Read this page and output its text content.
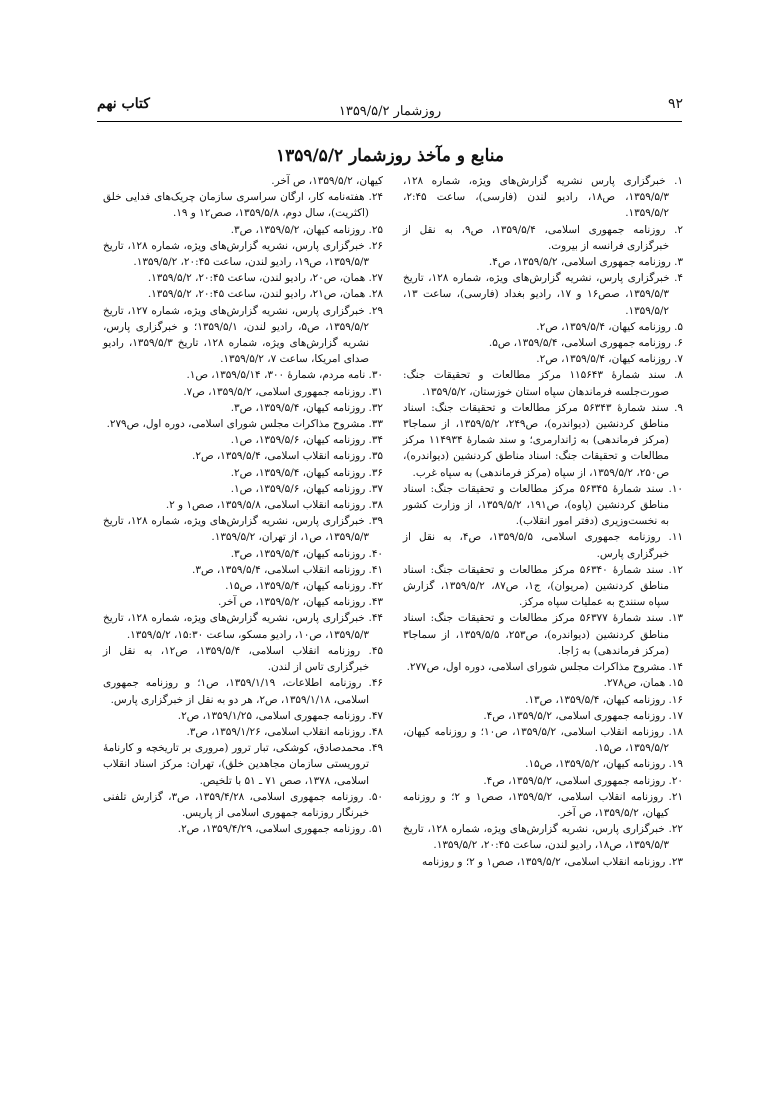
۹۲
روزشمار ۱۳۵۹/۵/۲
کتاب نهم
منابع و مآخذ روزشمار ۱۳۵۹/۵/۲

۱. خبرگزاری پارس نشریه گزارش‌های ویژه، شماره ۱۲۸، ۱۳۵۹/۵/۳، ص۱۸، رادیو لندن (فارسی)، ساعت ۲:۴۵، ۱۳۵۹/۵/۲.

۲. روزنامه جمهوری اسلامی، ۱۳۵۹/۵/۴، ص۹، به نقل از خبرگزاری فرانسه از بیروت.

۳. روزنامه جمهوری اسلامی، ۱۳۵۹/۵/۲، ص۴.

۴. خبرگزاری پارس، نشریه گزارش‌های ویژه، شماره ۱۲۸، تاریخ ۱۳۵۹/۵/۳، صص۱۶ و ۱۷، رادیو بغداد (فارسی)، ساعت ۱۳، ۱۳۵۹/۵/۲.

۵. روزنامه کیهان، ۱۳۵۹/۵/۴، ص۲.

۶. روزنامه جمهوری اسلامی، ۱۳۵۹/۵/۴، ص۵.

۷. روزنامه کیهان، ۱۳۵۹/۵/۴، ص۲.

۸. سند شمارهٔ ۱۱۵۶۴۳ مرکز مطالعات و تحقیقات جنگ: صورت‌جلسه فرماندهان سپاه استان خوزستان، ۱۳۵۹/۵/۲.

۹. سند شمارهٔ ۵۶۳۴۳ مرکز مطالعات و تحقیقات جنگ: اسناد مناطق کردنشین (دیواندره)، ص۲۴۹، ۱۳۵۹/۵/۲، از سماجا۳ (مرکز فرماندهی) به ژاندارمری؛ و سند شمارهٔ ۱۱۴۹۳۴ مرکز مطالعات و تحقیقات جنگ: اسناد مناطق کردنشین (دیواندره)، ص۲۵۰، ۱۳۵۹/۵/۲، از سپاه (مرکز فرماندهی) به سپاه غرب.

۱۰. سند شمارهٔ ۵۶۳۴۵ مرکز مطالعات و تحقیقات جنگ: اسناد مناطق کردنشین (پاوه)، ص۱۹۱، ۱۳۵۹/۵/۲، از وزارت کشور به نخست‌وزیری (دفتر امور انقلاب).

۱۱. روزنامه جمهوری اسلامی، ۱۳۵۹/۵/۵، ص۴، به نقل از خبرگزاری پارس.

۱۲. سند شمارهٔ ۵۶۳۴۰ مرکز مطالعات و تحقیقات جنگ: اسناد مناطق کردنشین (مریوان)، ج۱، ص۸۷، ۱۳۵۹/۵/۲، گزارش سپاه سنندج به عملیات سپاه مرکز.

۱۳. سند شمارهٔ ۵۶۳۷۷ مرکز مطالعات و تحقیقات جنگ: اسناد مناطق کردنشین (دیواندره)، ص۲۵۳، ۱۳۵۹/۵/۵، از سماجا۳ (مرکز فرماندهی) به ژاجا.

۱۴. مشروح مذاکرات مجلس شورای اسلامی، دوره اول، ص۲۷۷.

۱۵. همان، ص۲۷۸.

۱۶. روزنامه کیهان، ۱۳۵۹/۵/۴، ص۱۳.

۱۷. روزنامه جمهوری اسلامی، ۱۳۵۹/۵/۲، ص۴.

۱۸. روزنامه انقلاب اسلامی، ۱۳۵۹/۵/۲، ص۱۰؛ و روزنامه کیهان، ۱۳۵۹/۵/۲، ص۱۵.

۱۹. روزنامه کیهان، ۱۳۵۹/۵/۲، ص۱۵.

۲۰. روزنامه جمهوری اسلامی، ۱۳۵۹/۵/۲، ص۴.

۲۱. روزنامه انقلاب اسلامی، ۱۳۵۹/۵/۲، صص۱ و ۲؛ و روزنامه کیهان، ۱۳۵۹/۵/۲، ص آخر.

۲۲. خبرگزاری پارس، نشریه گزارش‌های ویژه، شماره ۱۲۸، تاریخ ۱۳۵۹/۵/۳، ص۱۸، رادیو لندن، ساعت ۲۰:۴۵، ۱۳۵۹/۵/۲.

۲۳. روزنامه انقلاب اسلامی، ۱۳۵۹/۵/۲، صص۱ و ۲؛ و روزنامه

کیهان، ۱۳۵۹/۵/۲، ص آخر.

۲۴. هفته‌نامه کار، ارگان سراسری سازمان چریک‌های فدایی خلق (اکثریت)، سال دوم، ۱۳۵۹/۵/۸، صص۱۲ و ۱۹.

۲۵. روزنامه کیهان، ۱۳۵۹/۵/۲، ص۳.

۲۶. خبرگزاری پارس، نشریه گزارش‌های ویژه، شماره ۱۲۸، تاریخ ۱۳۵۹/۵/۳، ص۱۹، رادیو لندن، ساعت ۲۰:۴۵، ۱۳۵۹/۵/۲.

۲۷. همان، ص۲۰، رادیو لندن، ساعت ۲۰:۴۵، ۱۳۵۹/۵/۲.

۲۸. همان، ص۲۱، رادیو لندن، ساعت ۲۰:۴۵، ۱۳۵۹/۵/۲.

۲۹. خبرگزاری پارس، نشریه گزارش‌های ویژه، شماره ۱۲۷، تاریخ ۱۳۵۹/۵/۲، ص۵، رادیو لندن، ۱۳۵۹/۵/۱؛ و خبرگزاری پارس، نشریه گزارش‌های ویژه، شماره ۱۲۸، تاریخ ۱۳۵۹/۵/۳، رادیو صدای امریکا، ساعت ۷، ۱۳۵۹/۵/۲.

۳۰. نامه مردم، شمارهٔ ۳۰۰، ۱۳۵۹/۵/۱۴، ص۱.

۳۱. روزنامه جمهوری اسلامی، ۱۳۵۹/۵/۲، ص۷.

۳۲. روزنامه کیهان، ۱۳۵۹/۵/۴، ص۳.

۳۳. مشروح مذاکرات مجلس شورای اسلامی، دوره اول، ص۲۷۹.

۳۴. روزنامه کیهان، ۱۳۵۹/۵/۶، ص۱.

۳۵. روزنامه انقلاب اسلامی، ۱۳۵۹/۵/۴، ص۲.

۳۶. روزنامه کیهان، ۱۳۵۹/۵/۴، ص۲.

۳۷. روزنامه کیهان، ۱۳۵۹/۵/۶، ص۱.

۳۸. روزنامه انقلاب اسلامی، ۱۳۵۹/۵/۸، صص۱ و ۲.

۳۹. خبرگزاری پارس، نشریه گزارش‌های ویژه، شماره ۱۲۸، تاریخ ۱۳۵۹/۵/۳، ص۱، از تهران، ۱۳۵۹/۵/۲.

۴۰. روزنامه کیهان، ۱۳۵۹/۵/۴، ص۳.

۴۱. روزنامه انقلاب اسلامی، ۱۳۵۹/۵/۴، ص۳.

۴۲. روزنامه کیهان، ۱۳۵۹/۵/۴، ص۱۵.

۴۳. روزنامه کیهان، ۱۳۵۹/۵/۲، ص آخر.

۴۴. خبرگزاری پارس، نشریه گزارش‌های ویژه، شماره ۱۲۸، تاریخ ۱۳۵۹/۵/۳، ص۱۰، رادیو مسکو، ساعت ۱۵:۳۰، ۱۳۵۹/۵/۲.

۴۵. روزنامه انقلاب اسلامی، ۱۳۵۹/۵/۴، ص۱۲، به نقل از خبرگزاری تاس از لندن.

۴۶. روزنامه اطلاعات، ۱۳۵۹/۱/۱۹، ص۱؛ و روزنامه جمهوری اسلامی، ۱۳۵۹/۱/۱۸، ص۲، هر دو به نقل از خبرگزاری پارس.

۴۷. روزنامه جمهوری اسلامی، ۱۳۵۹/۱/۲۵، ص۲.

۴۸. روزنامه انقلاب اسلامی، ۱۳۵۹/۱/۲۶، ص۳.

۴۹. محمدصادق، کوشکی، تبار ترور (مروری بر تاریخچه و کارنامهٔ تروریستی سازمان مجاهدین خلق)، تهران: مرکز اسناد انقلاب اسلامی، ۱۳۷۸، صص ۷۱ ـ ۵۱ با تلخیص.

۵۰. روزنامه جمهوری اسلامی، ۱۳۵۹/۴/۲۸، ص۳، گزارش تلفنی خبرنگار روزنامه جمهوری اسلامی از پاریس.

۵۱. روزنامه جمهوری اسلامی، ۱۳۵۹/۴/۲۹، ص۲.
